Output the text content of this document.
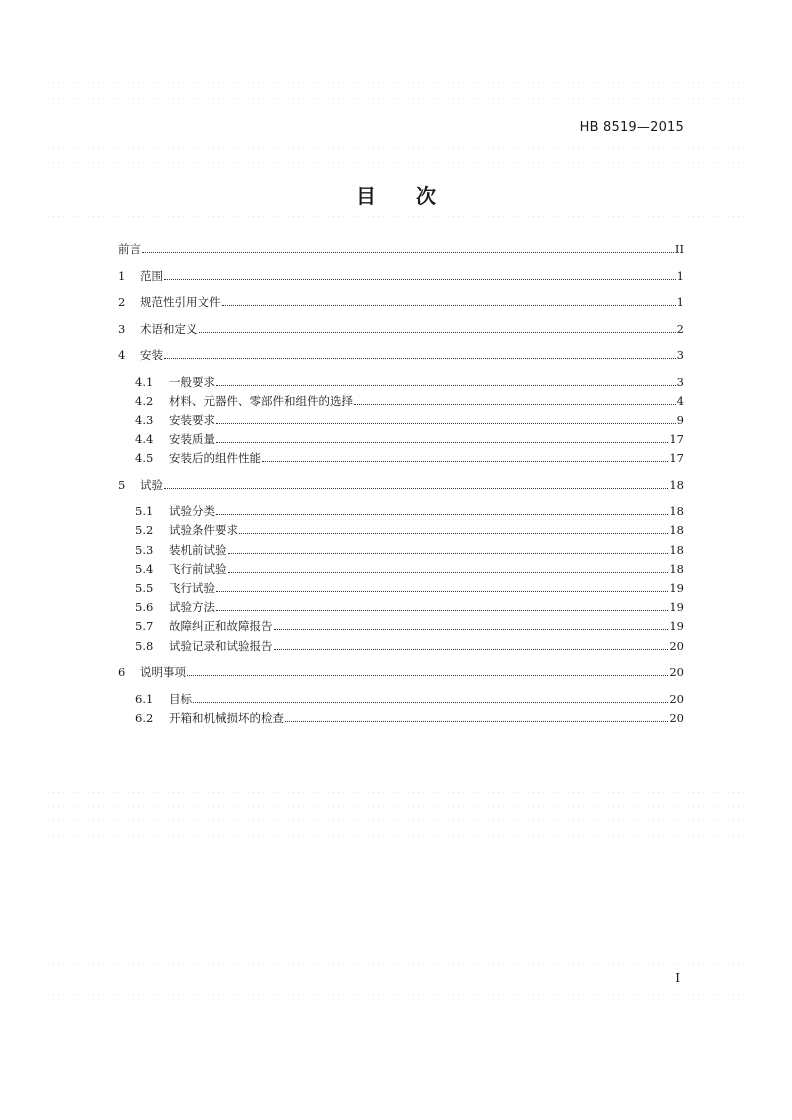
HB 8519—2015
目 次
前言	II
1	范围	1
2	规范性引用文件	1
3	术语和定义	2
4	安装	3
4.1	一般要求	3
4.2	材料、元器件、零部件和组件的选择	4
4.3	安装要求	9
4.4	安装质量	17
4.5	安装后的组件性能	17
5	试验	18
5.1	试验分类	18
5.2	试验条件要求	18
5.3	装机前试验	18
5.4	飞行前试验	18
5.5	飞行试验	19
5.6	试验方法	19
5.7	故障纠正和故障报告	19
5.8	试验记录和试验报告	20
6	说明事项	20
6.1	目标	20
6.2	开箱和机械损坏的检查	20
I
